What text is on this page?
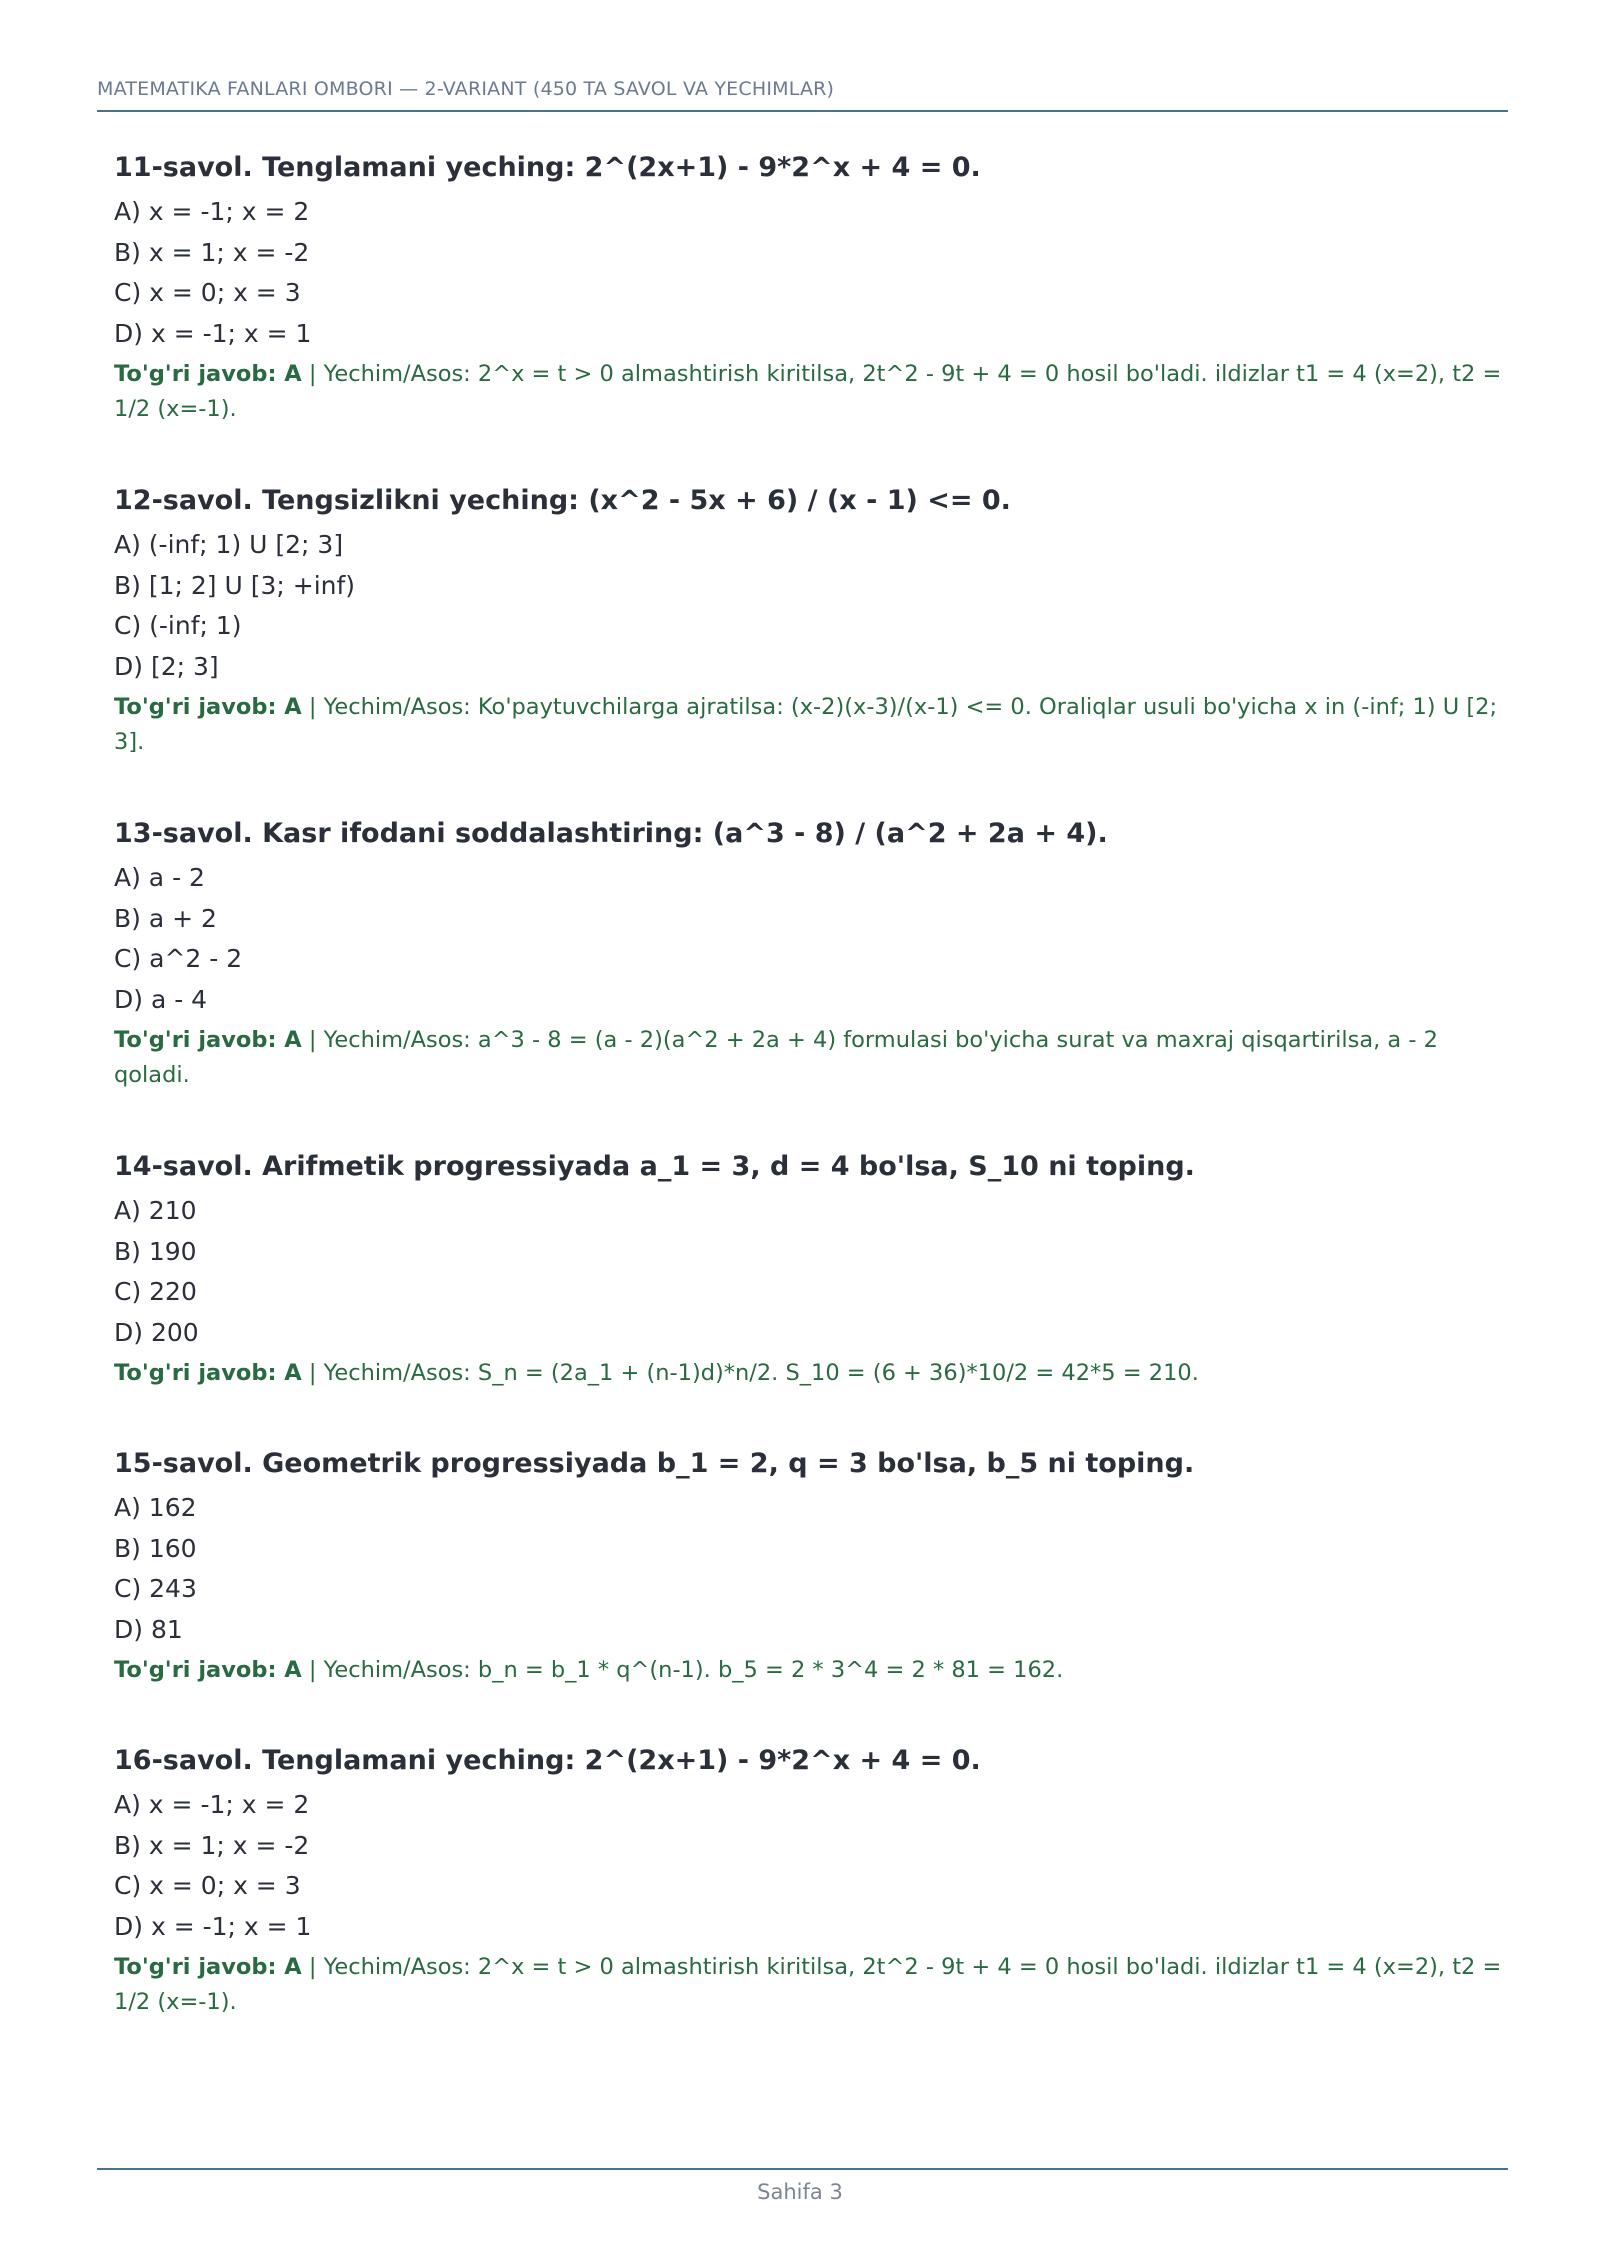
MATEMATIKA FANLARI OMBORI — 2-VARIANT (450 TA SAVOL VA YECHIMLAR)
11-savol. Tenglamani yeching: 2^(2x+1) - 9*2^x + 4 = 0.
A) x = -1; x = 2
B) x = 1; x = -2
C) x = 0; x = 3
D) x = -1; x = 1
To'g'ri javob: A | Yechim/Asos: 2^x = t > 0 almashtirish kiritilsa, 2t^2 - 9t + 4 = 0 hosil bo'ladi. ildizlar t1 = 4 (x=2), t2 = 1/2 (x=-1).
12-savol. Tengsizlikni yeching: (x^2 - 5x + 6) / (x - 1) <= 0.
A) (-inf; 1) U [2; 3]
B) [1; 2] U [3; +inf)
C) (-inf; 1)
D) [2; 3]
To'g'ri javob: A | Yechim/Asos: Ko'paytuvchilarga ajratilsa: (x-2)(x-3)/(x-1) <= 0. Oraliqlar usuli bo'yicha x in (-inf; 1) U [2; 3].
13-savol. Kasr ifodani soddalashtiring: (a^3 - 8) / (a^2 + 2a + 4).
A) a - 2
B) a + 2
C) a^2 - 2
D) a - 4
To'g'ri javob: A | Yechim/Asos: a^3 - 8 = (a - 2)(a^2 + 2a + 4) formulasi bo'yicha surat va maxraj qisqartirilsa, a - 2 qoladi.
14-savol. Arifmetik progressiyada a_1 = 3, d = 4 bo'lsa, S_10 ni toping.
A) 210
B) 190
C) 220
D) 200
To'g'ri javob: A | Yechim/Asos: S_n = (2a_1 + (n-1)d)*n/2. S_10 = (6 + 36)*10/2 = 42*5 = 210.
15-savol. Geometrik progressiyada b_1 = 2, q = 3 bo'lsa, b_5 ni toping.
A) 162
B) 160
C) 243
D) 81
To'g'ri javob: A | Yechim/Asos: b_n = b_1 * q^(n-1). b_5 = 2 * 3^4 = 2 * 81 = 162.
16-savol. Tenglamani yeching: 2^(2x+1) - 9*2^x + 4 = 0.
A) x = -1; x = 2
B) x = 1; x = -2
C) x = 0; x = 3
D) x = -1; x = 1
To'g'ri javob: A | Yechim/Asos: 2^x = t > 0 almashtirish kiritilsa, 2t^2 - 9t + 4 = 0 hosil bo'ladi. ildizlar t1 = 4 (x=2), t2 = 1/2 (x=-1).
Sahifa 3
